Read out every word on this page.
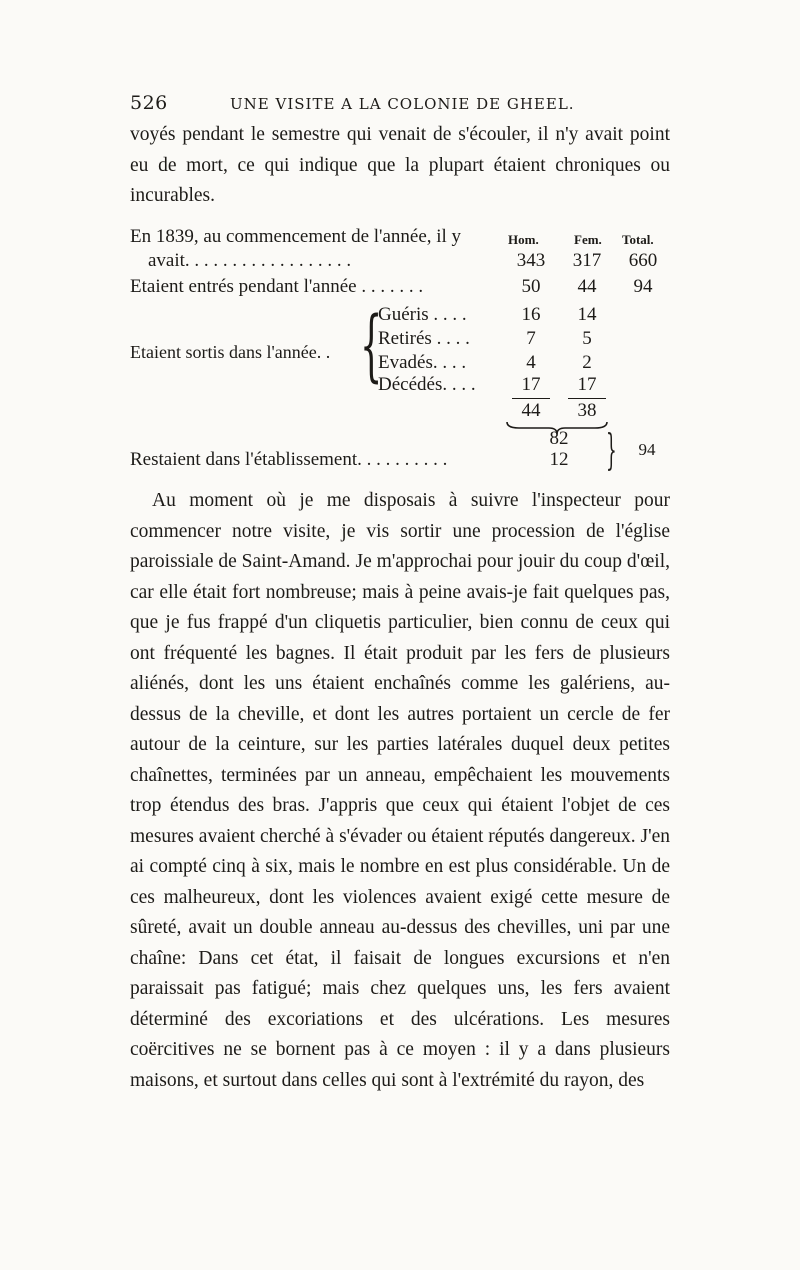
526	UNE VISITE A LA COLONIE DE GHEEL.

voyés pendant le semestre qui venait de s'écouler, il n'y avait point eu de mort, ce qui indique que la plupart étaient chroniques ou incurables.

En 1839, au commencement de l'année, il y	Hom.	Fem. Total.
avait. . . . . . . . . . . . . . . . . .	343	317	660
Etaient entrés pendant l'année . . . . . . .	50	44	94
Etaient sortis dans l'année. . {
Guéris . . . .	16	14
Retirés . . . .	7	5
Evadés. . . .	4	2
Décédés. . . .	17	17
44	38
82
Restaient dans l'établissement. . . . . . . . . .	12 }	94

Au moment où je me disposais à suivre l'inspecteur pour commencer notre visite, je vis sortir une procession de l'église paroissiale de Saint-Amand. Je m'approchai pour jouir du coup d'œil, car elle était fort nombreuse; mais à peine avais-je fait quelques pas, que je fus frappé d'un cliquetis particulier, bien connu de ceux qui ont fréquenté les bagnes. Il était produit par les fers de plusieurs aliénés, dont les uns étaient enchaînés comme les galériens, au-dessus de la cheville, et dont les autres portaient un cercle de fer autour de la ceinture, sur les parties latérales duquel deux petites chaînettes, terminées par un anneau, empêchaient les mouvements trop étendus des bras. J'appris que ceux qui étaient l'objet de ces mesures avaient cherché à s'évader ou étaient réputés dangereux. J'en ai compté cinq à six, mais le nombre en est plus considérable. Un de ces malheureux, dont les violences avaient exigé cette mesure de sûreté, avait un double anneau au-dessus des chevilles, uni par une chaîne: Dans cet état, il faisait de longues excursions et n'en paraissait pas fatigué; mais chez quelques uns, les fers avaient déterminé des excoriations et des ulcérations. Les mesures coërcitives ne se bornent pas à ce moyen : il y a dans plusieurs maisons, et surtout dans celles qui sont à l'extrémité du rayon, des
